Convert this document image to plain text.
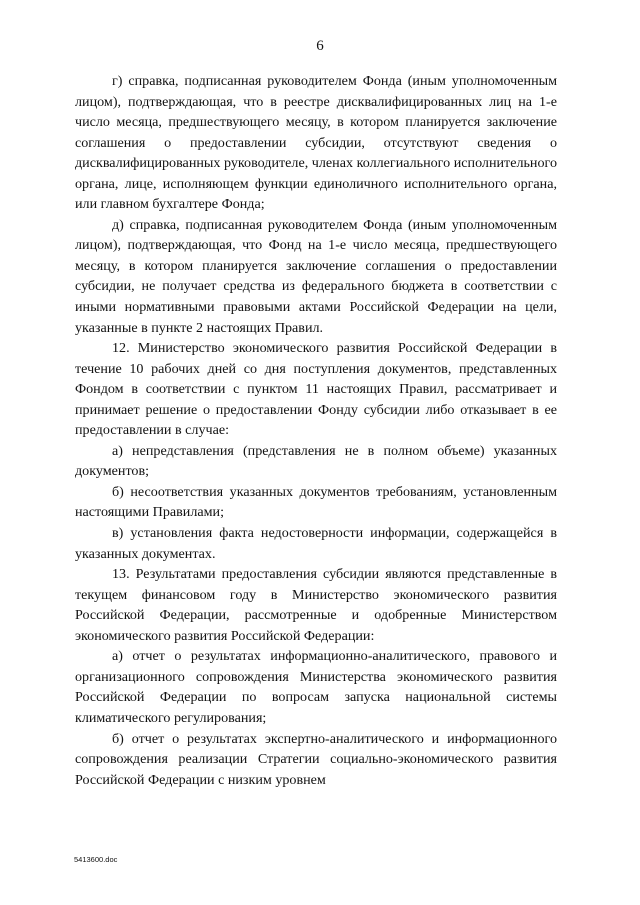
6

г) справка, подписанная руководителем Фонда (иным уполномоченным лицом), подтверждающая, что в реестре дисквалифицированных лиц на 1-е число месяца, предшествующего месяцу, в котором планируется заключение соглашения о предоставлении субсидии, отсутствуют сведения о дисквалифицированных руководителе, членах коллегиального исполнительного органа, лице, исполняющем функции единоличного исполнительного органа, или главном бухгалтере Фонда;

д) справка, подписанная руководителем Фонда (иным уполномоченным лицом), подтверждающая, что Фонд на 1-е число месяца, предшествующего месяцу, в котором планируется заключение соглашения о предоставлении субсидии, не получает средства из федерального бюджета в соответствии с иными нормативными правовыми актами Российской Федерации на цели, указанные в пункте 2 настоящих Правил.

12. Министерство экономического развития Российской Федерации в течение 10 рабочих дней со дня поступления документов, представленных Фондом в соответствии с пунктом 11 настоящих Правил, рассматривает и принимает решение о предоставлении Фонду субсидии либо отказывает в ее предоставлении в случае:

а) непредставления (представления не в полном объеме) указанных документов;

б) несоответствия указанных документов требованиям, установленным настоящими Правилами;

в) установления факта недостоверности информации, содержащейся в указанных документах.

13. Результатами предоставления субсидии являются представленные в текущем финансовом году в Министерство экономического развития Российской Федерации, рассмотренные и одобренные Министерством экономического развития Российской Федерации:

а) отчет о результатах информационно-аналитического, правового и организационного сопровождения Министерства экономического развития Российской Федерации по вопросам запуска национальной системы климатического регулирования;

б) отчет о результатах экспертно-аналитического и информационного сопровождения реализации Стратегии социально-экономического развития Российской Федерации с низким уровнем

5413600.doc
